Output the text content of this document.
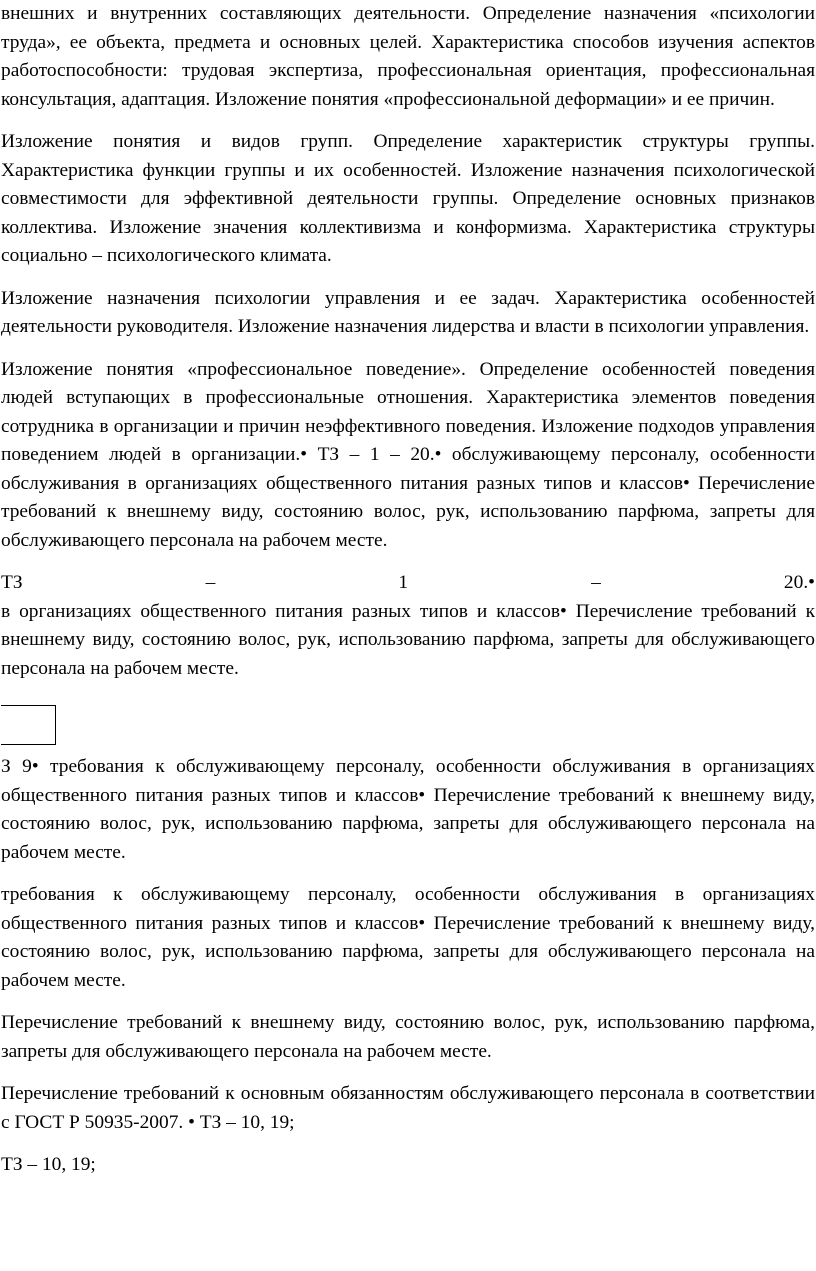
внешних и внутренних составляющих деятельности. Определение назначения «психологии труда», ее объекта, предмета и основных целей. Характеристика способов изучения аспектов работоспособности: трудовая экспертиза, профессиональная ориентация, профессиональная консультация, адаптация. Изложение понятия «профессиональной деформации» и ее причин.

Изложение понятия и видов групп. Определение характеристик структуры группы. Характеристика функции группы и их особенностей. Изложение назначения психологической совместимости для эффективной деятельности группы. Определение основных признаков коллектива. Изложение значения коллективизма и конформизма. Характеристика структуры социально – психологического климата.

Изложение назначения психологии управления и ее задач. Характеристика особенностей деятельности руководителя. Изложение назначения лидерства и власти в психологии управления.

Изложение понятия «профессиональное поведение». Определение особенностей поведения людей вступающих в профессиональные отношения. Характеристика элементов поведения сотрудника в организации и причин неэффективного поведения. Изложение подходов управления поведением людей в организации.• ТЗ – 1 – 20.• обслуживающему персоналу, особенности обслуживания в организациях общественного питания разных типов и классов• Перечисление требований к внешнему виду, состоянию волос, рук, использованию парфюма, запреты для обслуживающего персонала на рабочем месте.

ТЗ	–	1	–	20.•

в организациях общественного питания разных типов и классов• Перечисление требований к внешнему виду, состоянию волос, рук, использованию парфюма, запреты для обслуживающего персонала на рабочем месте.

З 9• требования к обслуживающему персоналу, особенности обслуживания в организациях общественного питания разных типов и классов• Перечисление требований к внешнему виду, состоянию волос, рук, использованию парфюма, запреты для обслуживающего персонала на рабочем месте.

требования к обслуживающему персоналу, особенности обслуживания в организациях общественного питания разных типов и классов• Перечисление требований к внешнему виду, состоянию волос, рук, использованию парфюма, запреты для обслуживающего персонала на рабочем месте.

Перечисление требований к внешнему виду, состоянию волос, рук, использованию парфюма, запреты для обслуживающего персонала на рабочем месте.

Перечисление требований к основным обязанностям обслуживающего персонала в соответствии с ГОСТ Р 50935-2007. • ТЗ – 10, 19;

ТЗ – 10, 19;
